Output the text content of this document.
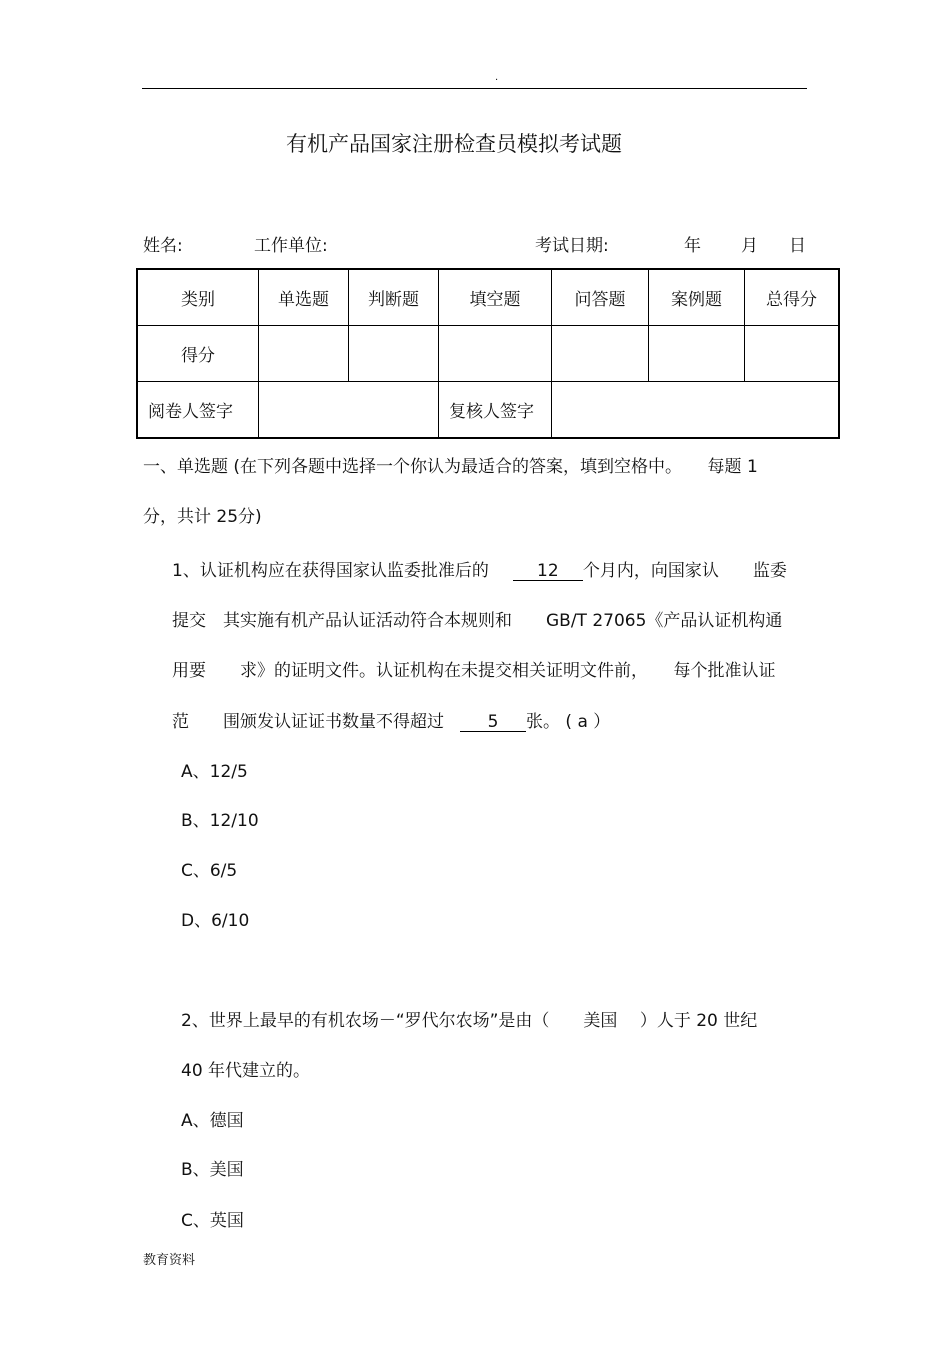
.
有机产品国家注册检查员模拟考试题
姓名:	工作单位:	考试日期:	年 月 日
类别	单选题	判断题	填空题	问答题	案例题	总得分
得分						
阅卷人签字			复核人签字			
一、单选题 (在下列各题中选择一个你认为最适合的答案，填到空格中。　　每题 1
分，共计 25分)
1、认证机构应在获得国家认监委批准后的	12 个月内，向国家认　　监委
提交　其实施有机产品认证活动符合本规则和　　GB/T 27065《产品认证机构通
用要　　求》的证明文件。认证机构在未提交相关证明文件前，　　每个批准认证
范　　围颁发认证证书数量不得超过	5 张。 ( a ）
A、12/5
B、12/10
C、6/5
D、6/10
2、世界上最早的有机农场－“罗代尔农场”是由（　　美国　 ）人于 20 世纪
40 年代建立的。
A、德国
B、美国
C、英国
教育资料
